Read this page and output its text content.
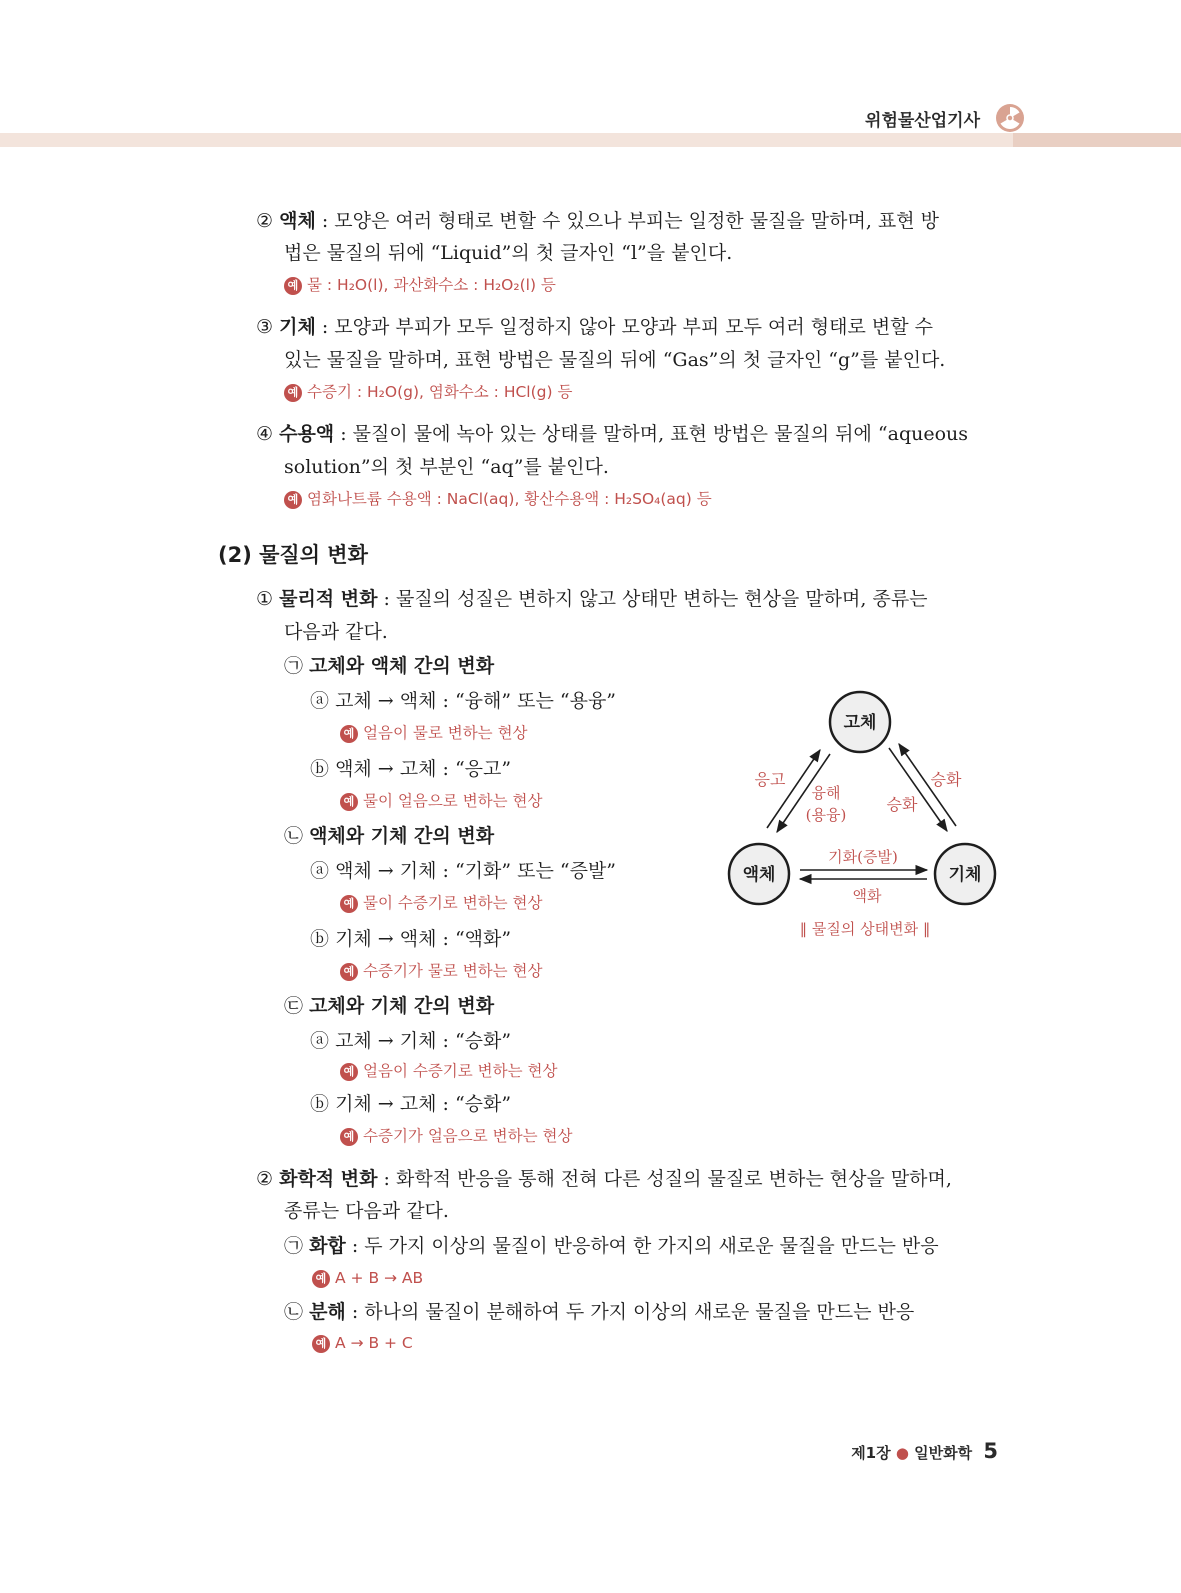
위험물산업기사
② 액체 : 모양은 여러 형태로 변할 수 있으나 부피는 일정한 물질을 말하며, 표현 방
법은 물질의 뒤에 “Liquid”의 첫 글자인 “l”을 붙인다.
예 물 : H₂O(l), 과산화수소 : H₂O₂(l) 등
③ 기체 : 모양과 부피가 모두 일정하지 않아 모양과 부피 모두 여러 형태로 변할 수
있는 물질을 말하며, 표현 방법은 물질의 뒤에 “Gas”의 첫 글자인 “g”를 붙인다.
예 수증기 : H₂O(g), 염화수소 : HCl(g) 등
④ 수용액 : 물질이 물에 녹아 있는 상태를 말하며, 표현 방법은 물질의 뒤에 “aqueous
solution”의 첫 부분인 “aq”를 붙인다.
예 염화나트륨 수용액 : NaCl(aq), 황산수용액 : H₂SO₄(aq) 등
(2) 물질의 변화
① 물리적 변화 : 물질의 성질은 변하지 않고 상태만 변하는 현상을 말하며, 종류는
다음과 같다.
㉠ 고체와 액체 간의 변화
ⓐ 고체 → 액체 : “융해” 또는 “용융”
예 얼음이 물로 변하는 현상
ⓑ 액체 → 고체 : “응고”
예 물이 얼음으로 변하는 현상
㉡ 액체와 기체 간의 변화
ⓐ 액체 → 기체 : “기화” 또는 “증발”
예 물이 수증기로 변하는 현상
ⓑ 기체 → 액체 : “액화”
예 수증기가 물로 변하는 현상
㉢ 고체와 기체 간의 변화
ⓐ 고체 → 기체 : “승화”
예 얼음이 수증기로 변하는 현상
ⓑ 기체 → 고체 : “승화”
예 수증기가 얼음으로 변하는 현상
② 화학적 변화 : 화학적 반응을 통해 전혀 다른 성질의 물질로 변하는 현상을 말하며,
종류는 다음과 같다.
㉠ 화합 : 두 가지 이상의 물질이 반응하여 한 가지의 새로운 물질을 만드는 반응
예 A + B → AB
㉡ 분해 : 하나의 물질이 분해하여 두 가지 이상의 새로운 물질을 만드는 반응
예 A → B + C
고체
액체	기체
응고
융해
(용융)
승화
승화
기화(증발)
액화
∥ 물질의 상태변화 ∥
제1장 ● 일반화학 5
